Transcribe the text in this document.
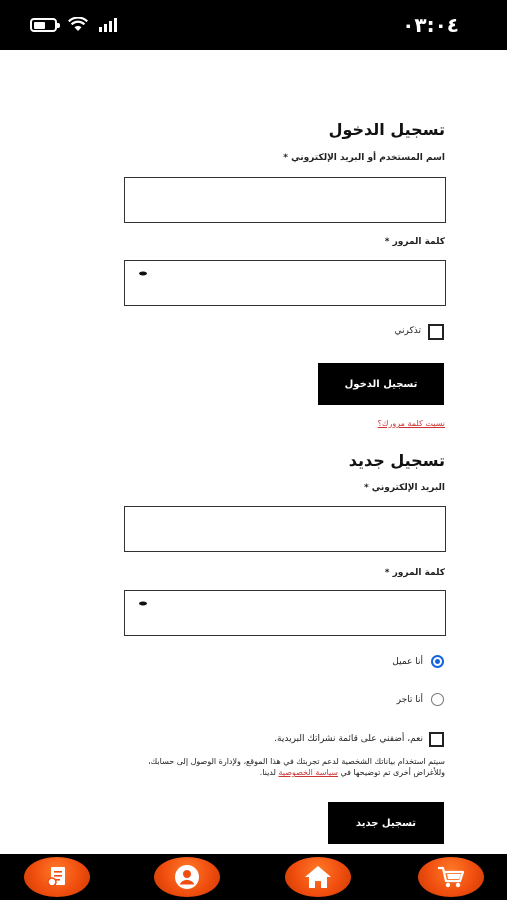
٠٣:٠٤
تسجيل الدخول
اسم المستخدم أو البريد الإلكتروني *
كلمة المرور *
تذكرني
تسجيل الدخول
نسيت كلمة مرورك؟
تسجيل جديد
البريد الإلكتروني *
كلمة المرور *
أنا عميل
أنا تاجر
نعم، أضفني على قائمة نشراتك البريدية.
سيتم استخدام بياناتك الشخصية لدعم تجربتك في هذا الموقع، ولإدارة الوصول إلى حسابك، وللأغراض أخرى تم توضيحها في سياسة الخصوصية لدينا.
تسجيل جديد
